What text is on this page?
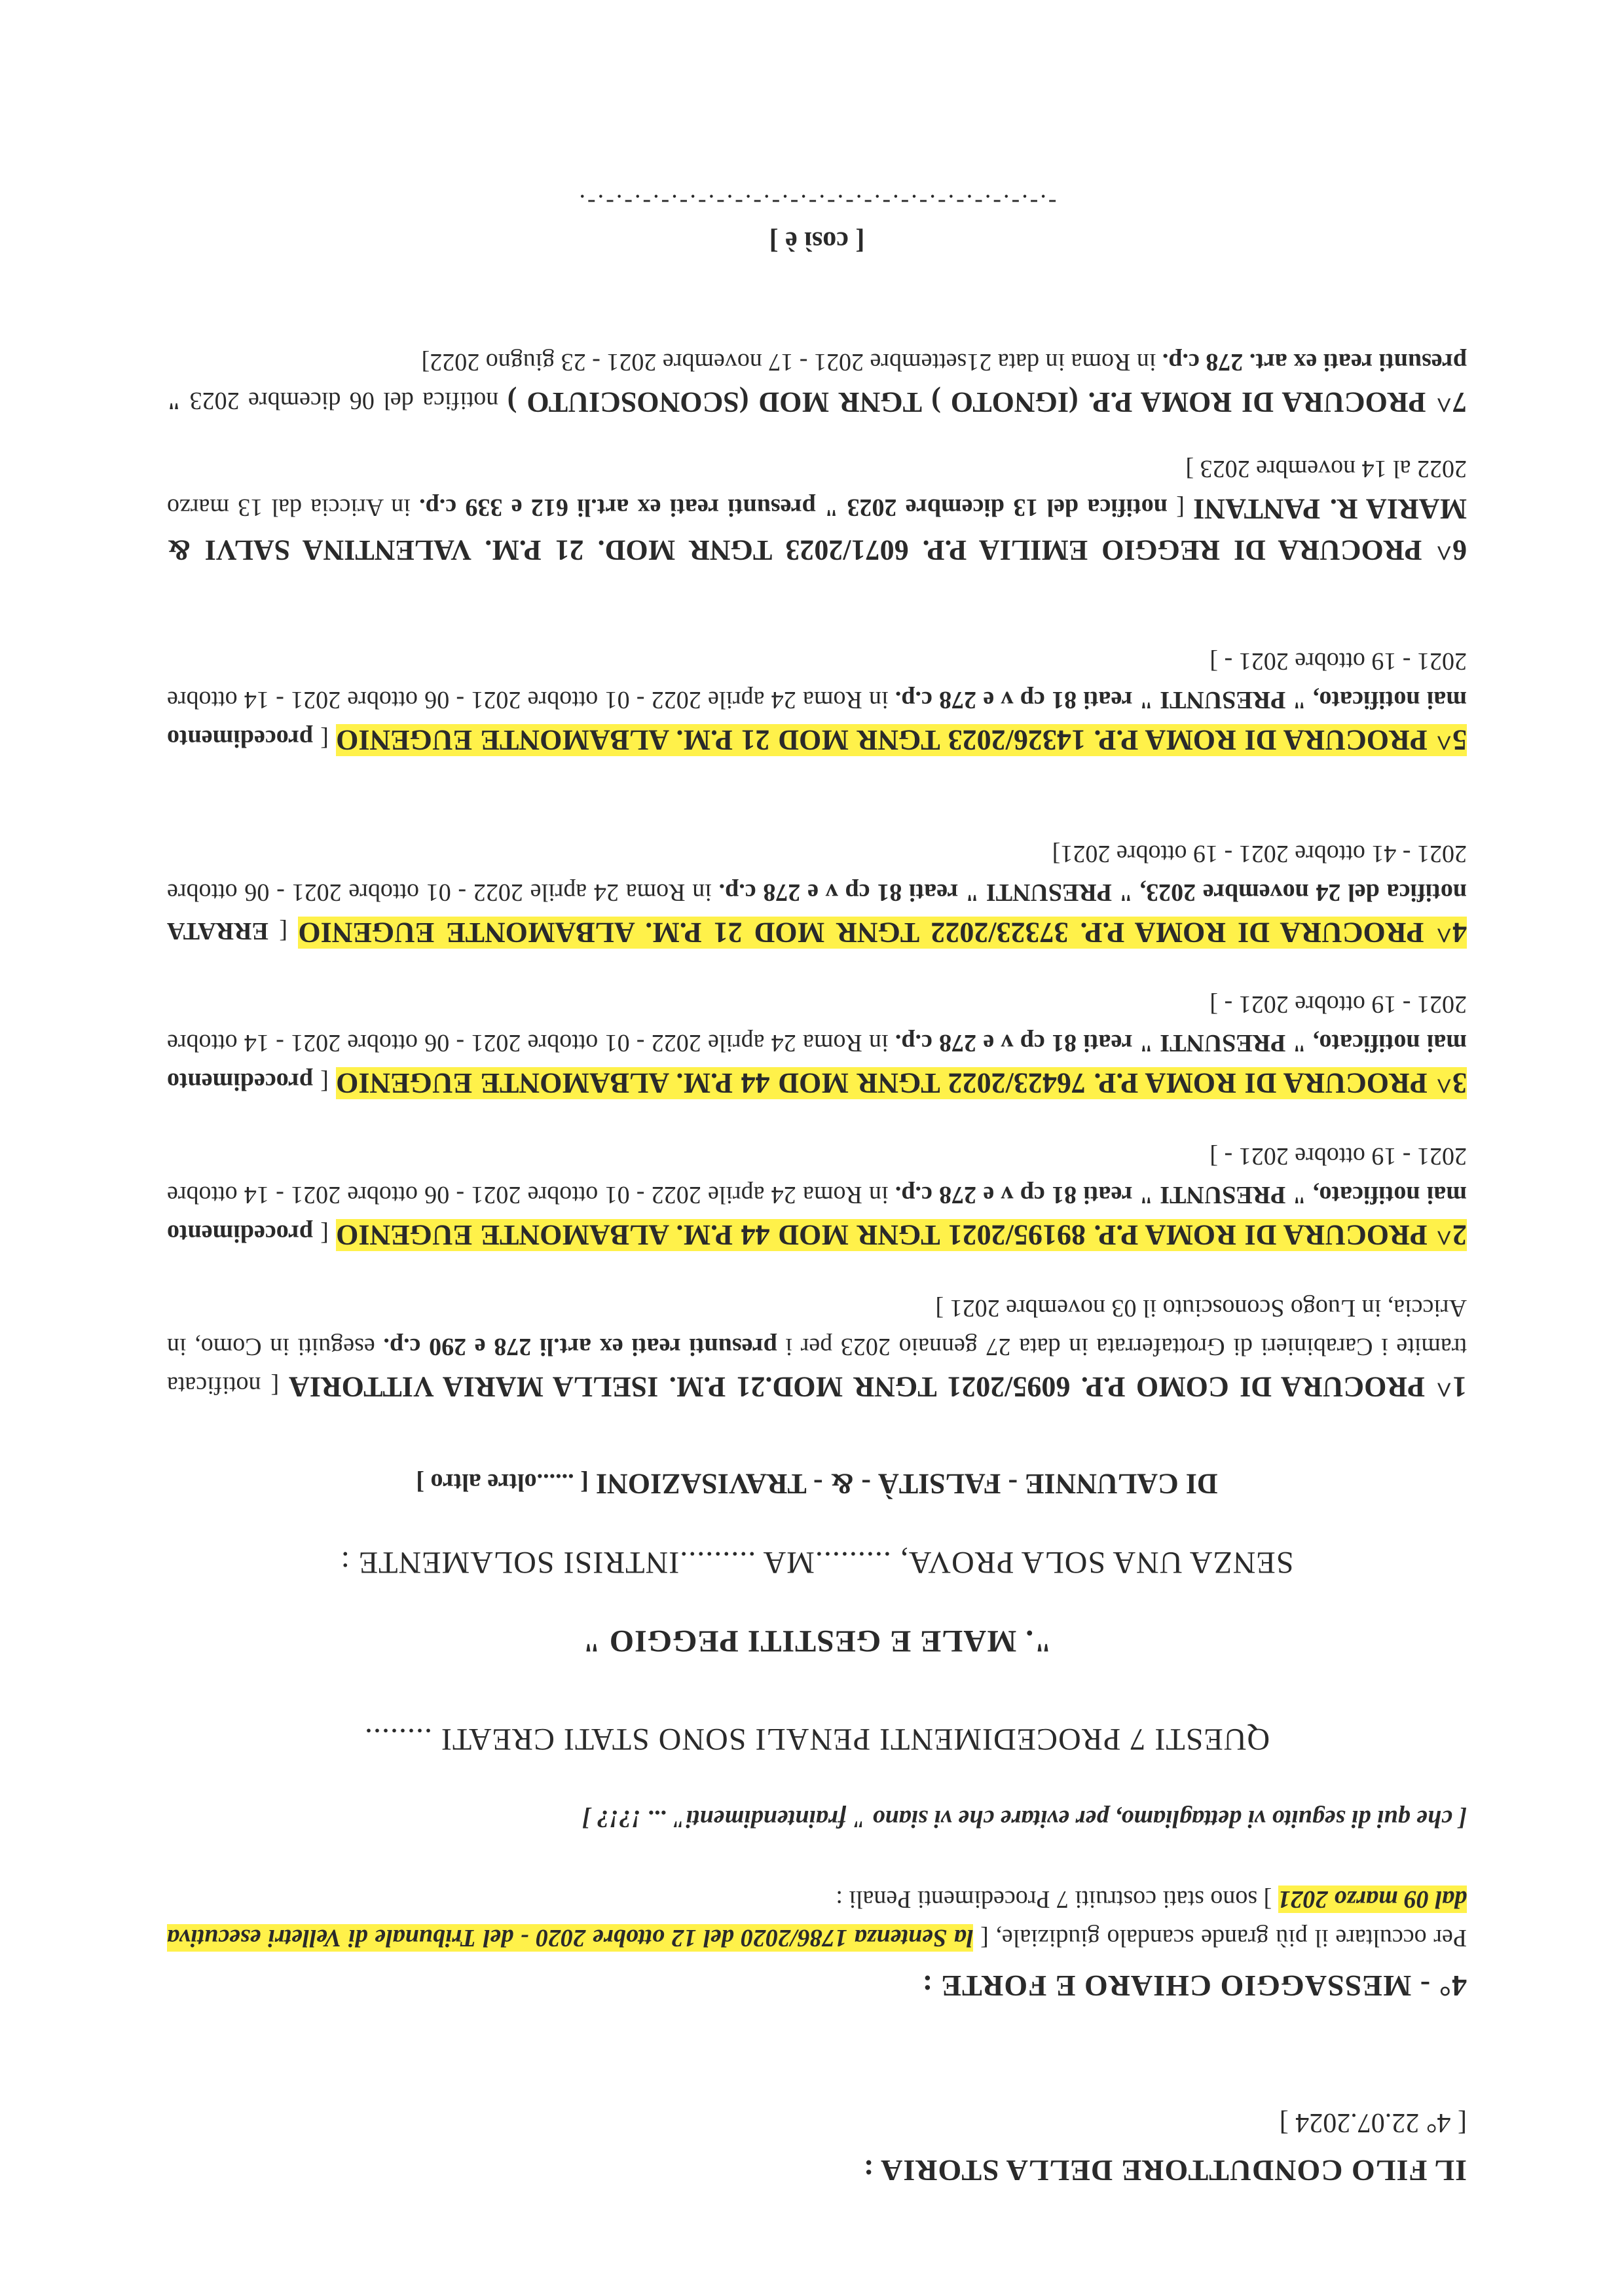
IL FILO CONDUTTORE DELLA STORIA :
[ 4° 22.07.2024 ]
4° - MESSAGGIO CHIARO E FORTE :
Per occultare il più grande scandalo giudiziale, [ la Sentenza 1786/2020 del 12 ottobre 2020 - del Tribunale di Velletri esecutiva dal 09 marzo 2021 ] sono stati costruiti 7 Procedimenti Penali :
[ che qui di seguito vi dettagliamo, per evitare che vi siano " fraintendimenti" ... !?!? ]
QUESTI 7 PROCEDIMENTI PENALI SONO STATI CREATI ........
". MALE E GESTITI PEGGIO "
SENZA UNA SOLA PROVA, .........MA .........INTRISI SOLAMENTE :
DI CALUNNIE - FALSITÀ - & - TRAVISAZIONI [ ......oltre altro ]
1^ PROCURA DI COMO P.P. 6095/2021 TGNR MOD.21 P.M. ISELLA MARIA VITTORIA [ notificata tramite i Carabinieri di Grottaferrata in data 27 gennaio 2023 per i presunti reati ex art.li 278 e 290 c.p. eseguiti in Como, in Ariccia, in Luogo Sconosciuto il 03 novembre 2021 ]
2^ PROCURA DI ROMA P.P. 89195/2021 TGNR MOD 44 P.M. ALBAMONTE EUGENIO [ procedimento mai notificato, " PRESUNTI " reati 81 cp v e 278 c.p. in Roma 24 aprile 2022 - 01 ottobre 2021 - 06 ottobre 2021 - 14 ottobre 2021 - 19 ottobre 2021 - ]
3^ PROCURA DI ROMA P.P. 76423/2022 TGNR MOD 44 P.M. ALBAMONTE EUGENIO [ procedimento mai notificato, " PRESUNTI " reati 81 cp v e 278 c.p. in Roma 24 aprile 2022 - 01 ottobre 2021 - 06 ottobre 2021 - 14 ottobre 2021 - 19 ottobre 2021 - ]
4^ PROCURA DI ROMA P.P. 37323/2022 TGNR MOD 21 P.M. ALBAMONTE EUGENIO [ ERRATA notifica del 24 novembre 2023, " PRESUNTI " reati 81 cp v e 278 c.p. in Roma 24 aprile 2022 - 01 ottobre 2021 - 06 ottobre 2021 - 41 ottobre 2021 - 19 ottobre 2021]
5^ PROCURA DI ROMA P.P. 14326/2023 TGNR MOD 21 P.M. ALBAMONTE EUGENIO [ procedimento mai notificato, " PRESUNTI " reati 81 cp v e 278 c.p. in Roma 24 aprile 2022 - 01 ottobre 2021 - 06 ottobre 2021 - 14 ottobre 2021 - 19 ottobre 2021 - ]
6^ PROCURA DI REGGIO EMILIA P.P. 6071/2023 TGNR MOD. 21 P.M. VALENTINA SALVI & MARIA R. PANTANI [ notifica del 13 dicembre 2023 " presunti reati ex art.li 612 e 339 c.p. in Ariccia dal 13 marzo 2022 al 14 novembre 2023 ]
7^ PROCURA DI ROMA P.P. (IGNOTO ) TGNR MOD (SCONOSCIUTO ) notifica del 06 dicembre 2023 " presunti reati ex art. 278 c.p. in Roma in data 21settembre 2021 - 17 novembre 2021 - 23 giugno 2022]
[ così è ]
-.-.-.-.-.-.-.-.-.-.-.-.-.-.-.-.-.-.-.-.-.-.-.-.-.-.
